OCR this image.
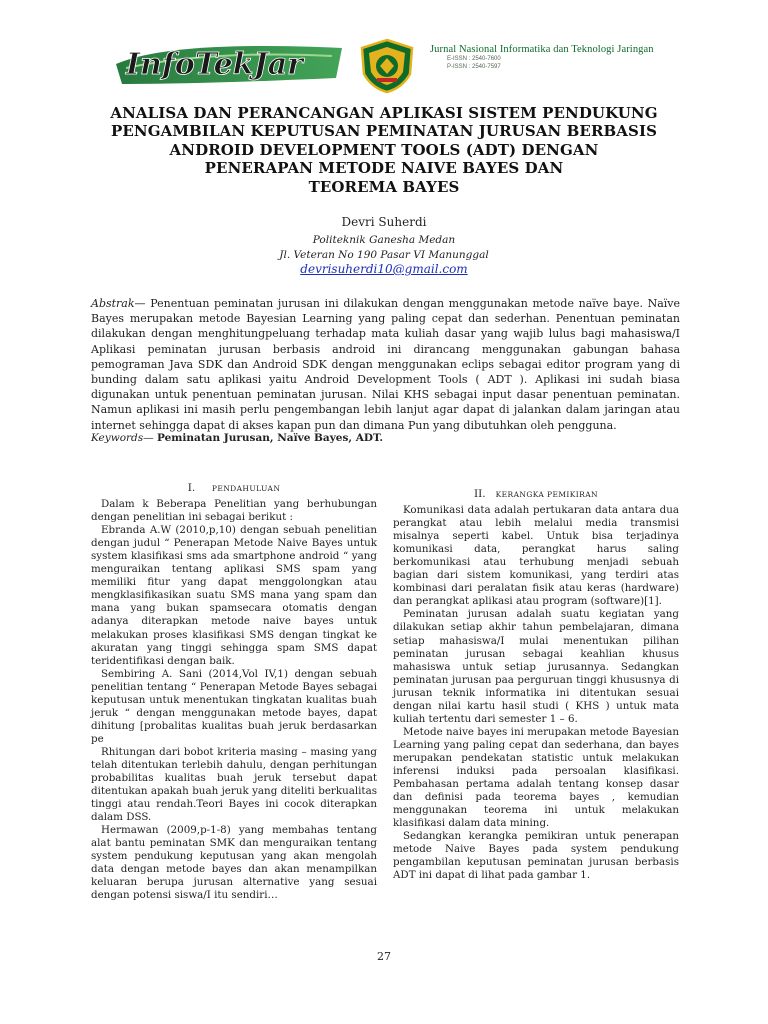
InfoTekJar	Jurnal Nasional Informatika dan Teknologi Jaringan
E-ISSN : 2540-7600
P-ISSN : 2540-7597
ANALISA DAN PERANCANGAN APLIKASI SISTEM PENDUKUNG
PENGAMBILAN KEPUTUSAN PEMINATAN JURUSAN BERBASIS
ANDROID DEVELOPMENT TOOLS (ADT) DENGAN
PENERAPAN METODE NAIVE BAYES DAN
TEOREMA BAYES
Devri Suherdi
Politeknik Ganesha Medan
Jl. Veteran No 190 Pasar VI Manunggal
devrisuherdi10@gmail.com
Abstrak— Penentuan peminatan jurusan ini dilakukan dengan menggunakan metode naïve baye. Naïve Bayes merupakan metode Bayesian Learning yang paling cepat dan sederhan. Penentuan peminatan dilakukan dengan menghitungpeluang terhadap mata kuliah dasar yang wajib lulus bagi mahasiswa/I Aplikasi peminatan jurusan berbasis android ini dirancang menggunakan gabungan bahasa pemograman Java SDK dan Android SDK dengan menggunakan eclips sebagai editor program yang di bunding dalam satu aplikasi yaitu Android Development Tools ( ADT ). Aplikasi ini sudah biasa digunakan untuk penentuan peminatan jurusan. Nilai KHS sebagai input dasar penentuan peminatan. Namun aplikasi ini masih perlu pengembangan lebih lanjut agar dapat di jalankan dalam jaringan atau internet sehingga dapat di akses kapan pun dan dimana Pun yang dibutuhkan oleh pengguna.
Keywords— Peminatan Jurusan, Naïve Bayes, ADT.
I. PENDAHULUAN

Dalam k Beberapa Penelitian yang berhubungan dengan penelitian ini sebagai berikut :

Ebranda A.W (2010,p,10) dengan sebuah penelitian dengan judul “ Penerapan Metode Naive Bayes untuk system klasifikasi sms ada smartphone android “ yang menguraikan tentang aplikasi SMS spam yang memiliki fitur yang dapat menggolongkan atau mengklasifikasikan suatu SMS mana yang spam dan mana yang bukan spamsecara otomatis dengan adanya diterapkan metode naive bayes untuk melakukan proses klasifikasi SMS dengan tingkat ke akuratan yang tinggi sehingga spam SMS dapat teridentifikasi dengan baik.

Sembiring A. Sani (2014,Vol IV,1) dengan sebuah penelitian tentang “ Penerapan Metode Bayes sebagai keputusan untuk menentukan tingkatan kualitas buah jeruk “ dengan menggunakan metode bayes, dapat dihitung [probalitas kualitas buah jeruk berdasarkan pe

Rhitungan dari bobot kriteria masing – masing yang telah ditentukan terlebih dahulu, dengan perhitungan probabilitas kualitas buah jeruk tersebut dapat ditentukan apakah buah jeruk yang diteliti berkualitas tinggi atau rendah.Teori Bayes ini cocok diterapkan dalam DSS.

Hermawan (2009,p-1-8) yang membahas tentang alat bantu peminatan SMK dan menguraikan tentang system pendukung keputusan yang akan mengolah data dengan metode bayes dan akan menampilkan keluaran berupa jurusan alternative yang sesuai dengan potensi siswa/I itu sendiri…

II. KERANGKA PEMIKIRAN

Komunikasi data adalah pertukaran data antara dua perangkat atau lebih melalui media transmisi misalnya seperti kabel. Untuk bisa terjadinya komunikasi data, perangkat harus saling berkomunikasi atau terhubung menjadi sebuah bagian dari sistem komunikasi, yang terdiri atas kombinasi dari peralatan fisik atau keras (hardware) dan perangkat aplikasi atau program (software)[1].

Peminatan jurusan adalah suatu kegiatan yang dilakukan setiap akhir tahun pembelajaran, dimana setiap mahasiswa/I mulai menentukan pilihan peminatan jurusan sebagai keahlian khusus mahasiswa untuk setiap jurusannya. Sedangkan peminatan jurusan paa perguruan tinggi khususnya di jurusan teknik informatika ini ditentukan sesuai dengan nilai kartu hasil studi ( KHS ) untuk mata kuliah tertentu dari semester 1 – 6.

Metode naive bayes ini merupakan metode Bayesian Learning yang paling cepat dan sederhana, dan bayes merupakan pendekatan statistic untuk melakukan inferensi induksi pada persoalan klasifikasi. Pembahasan pertama adalah tentang konsep dasar dan definisi pada teorema bayes , kemudian menggunakan teorema ini untuk melakukan klasifikasi dalam data mining.

Sedangkan kerangka pemikiran untuk penerapan metode Naive Bayes pada system pendukung pengambilan keputusan peminatan jurusan berbasis ADT ini dapat di lihat pada gambar 1.

27
